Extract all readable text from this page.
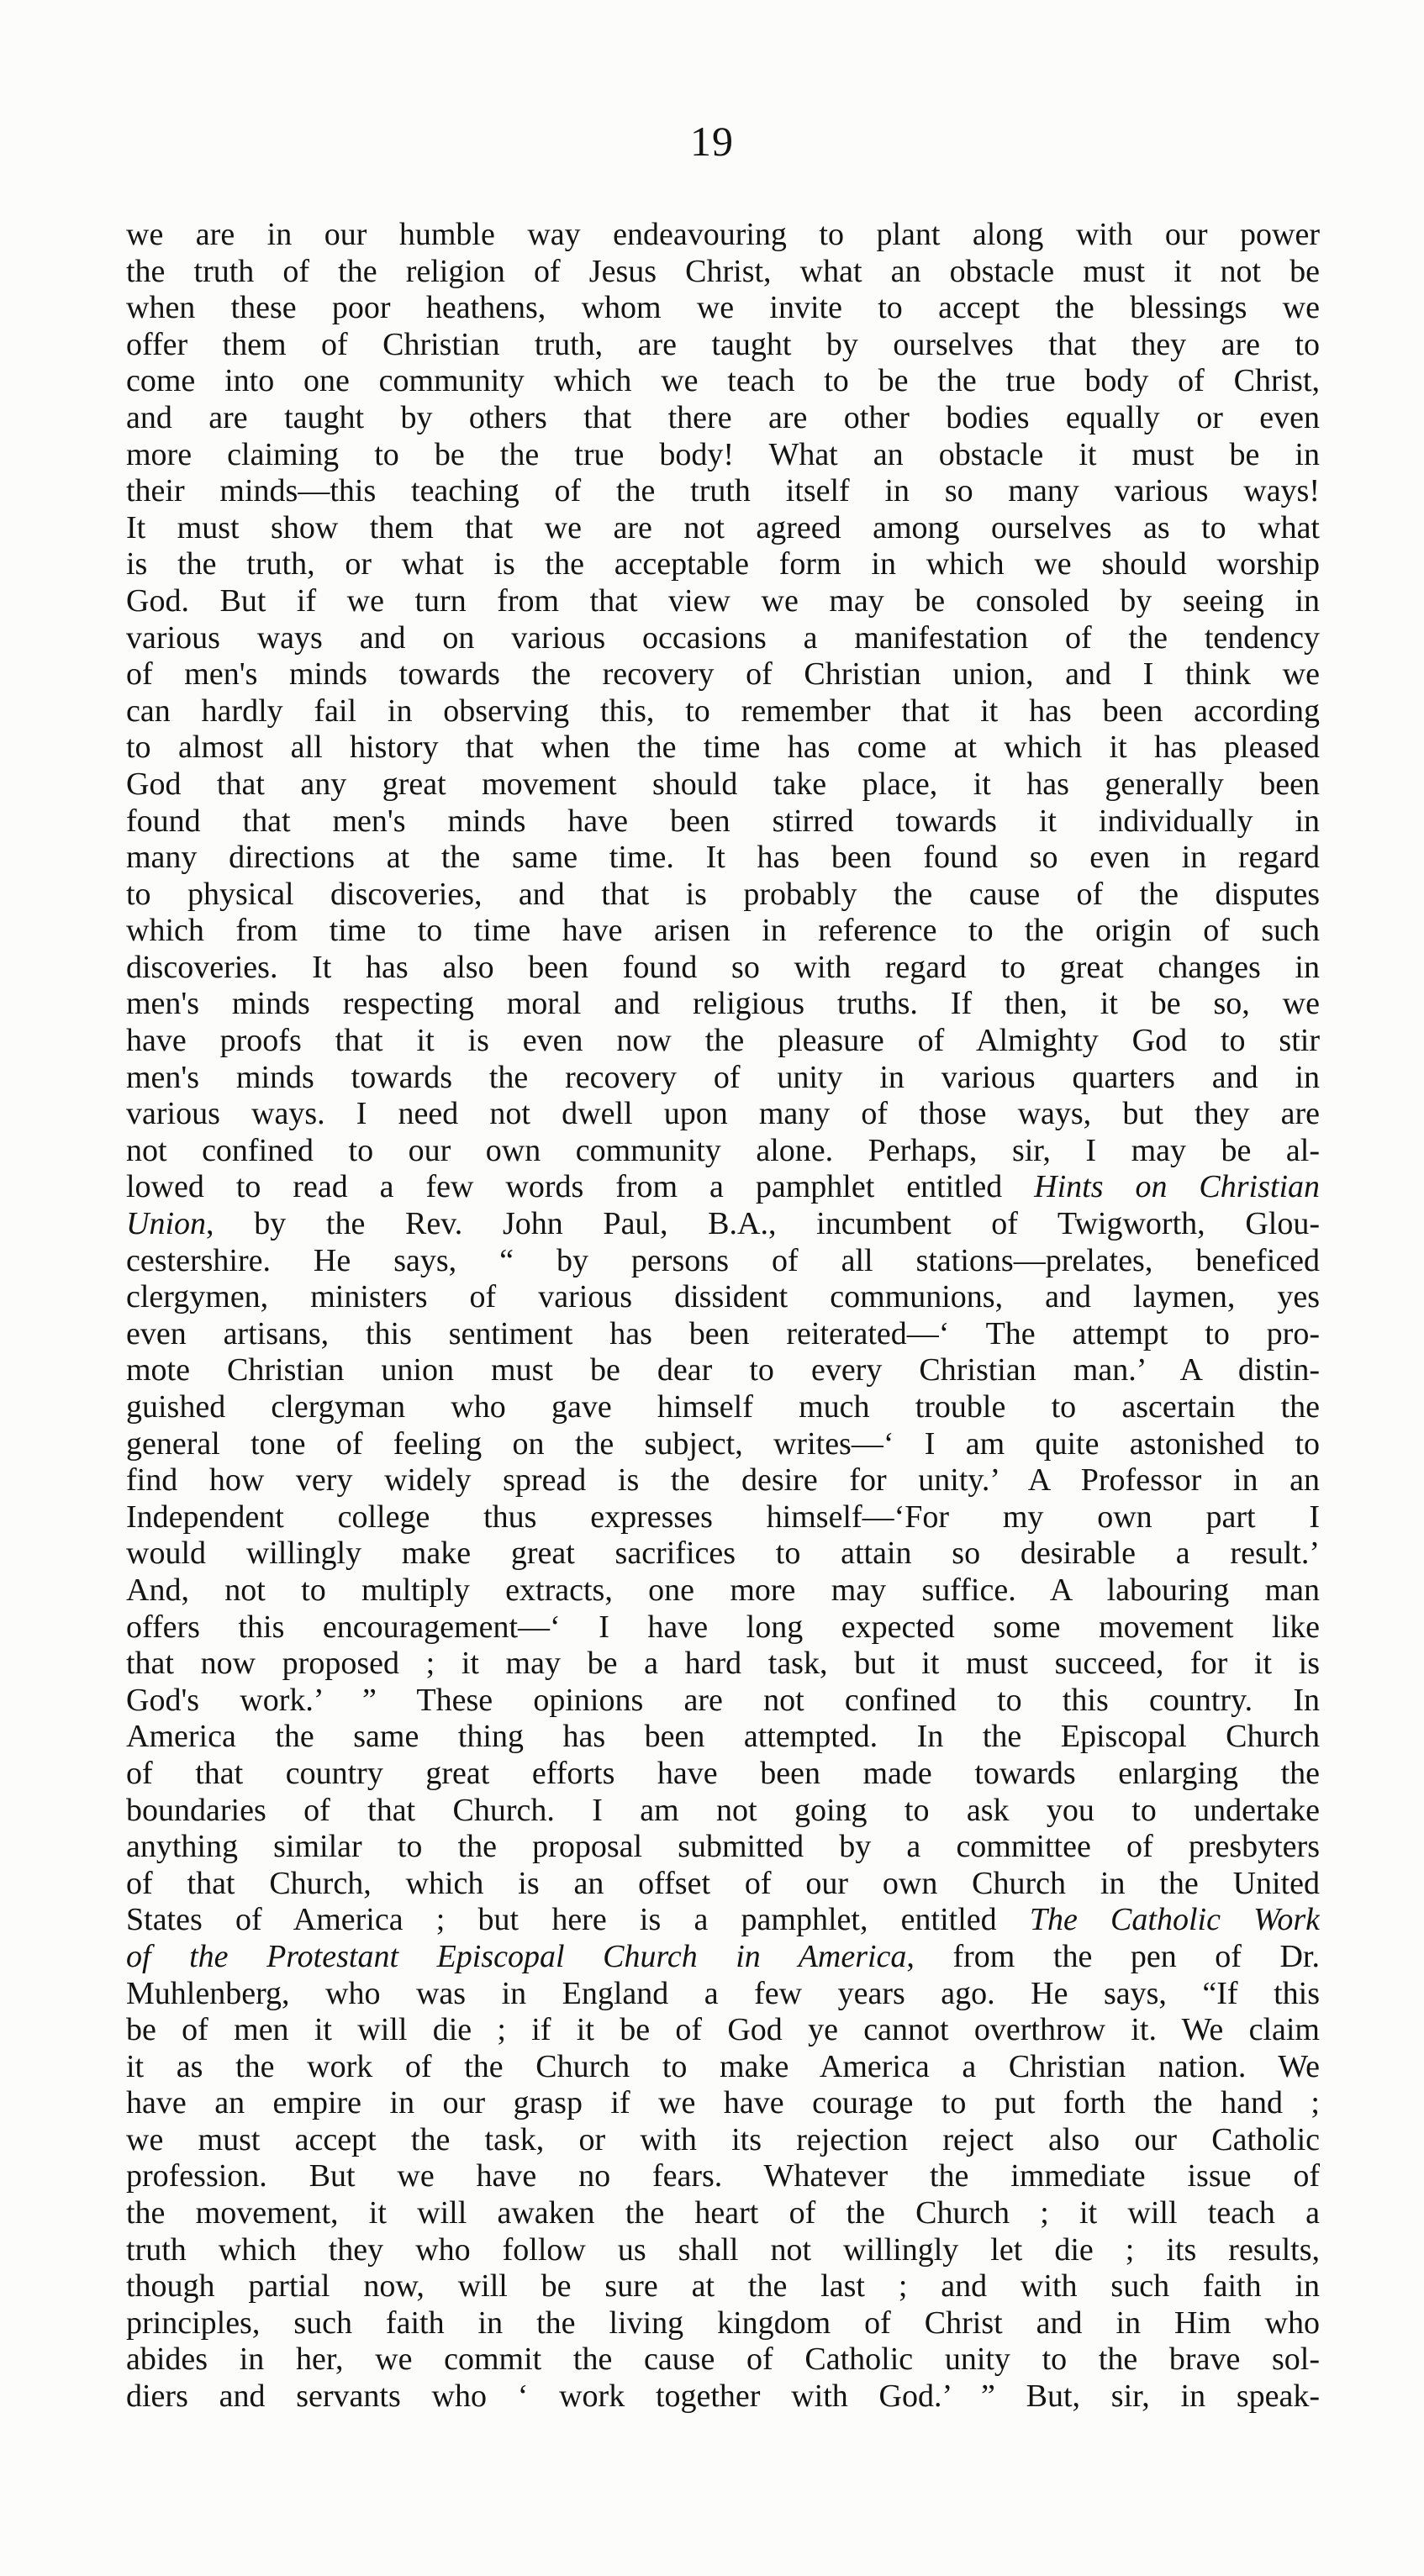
19
we are in our humble way endeavouring to plant along with our power
the truth of the religion of Jesus Christ, what an obstacle must it not be
when these poor heathens, whom we invite to accept the blessings we
offer them of Christian truth, are taught by ourselves that they are to
come into one community which we teach to be the true body of Christ,
and are taught by others that there are other bodies equally or even
more claiming to be the true body! What an obstacle it must be in
their minds—this teaching of the truth itself in so many various ways!
It must show them that we are not agreed among ourselves as to what
is the truth, or what is the acceptable form in which we should worship
God. But if we turn from that view we may be consoled by seeing in
various ways and on various occasions a manifestation of the tendency
of men's minds towards the recovery of Christian union, and I think we
can hardly fail in observing this, to remember that it has been according
to almost all history that when the time has come at which it has pleased
God that any great movement should take place, it has generally been
found that men's minds have been stirred towards it individually in
many directions at the same time. It has been found so even in regard
to physical discoveries, and that is probably the cause of the disputes
which from time to time have arisen in reference to the origin of such
discoveries. It has also been found so with regard to great changes in
men's minds respecting moral and religious truths. If then, it be so, we
have proofs that it is even now the pleasure of Almighty God to stir
men's minds towards the recovery of unity in various quarters and in
various ways. I need not dwell upon many of those ways, but they are
not confined to our own community alone. Perhaps, sir, I may be al-
lowed to read a few words from a pamphlet entitled Hints on Christian
Union, by the Rev. John Paul, B.A., incumbent of Twigworth, Glou-
cestershire. He says, “ by persons of all stations—prelates, beneficed
clergymen, ministers of various dissident communions, and laymen, yes
even artisans, this sentiment has been reiterated—‘ The attempt to pro-
mote Christian union must be dear to every Christian man.’ A distin-
guished clergyman who gave himself much trouble to ascertain the
general tone of feeling on the subject, writes—‘ I am quite astonished to
find how very widely spread is the desire for unity.’ A Professor in an
Independent college thus expresses himself—‘For my own part I
would willingly make great sacrifices to attain so desirable a result.’
And, not to multiply extracts, one more may suffice. A labouring man
offers this encouragement—‘ I have long expected some movement like
that now proposed ; it may be a hard task, but it must succeed, for it is
God's work.’ ” These opinions are not confined to this country. In
America the same thing has been attempted. In the Episcopal Church
of that country great efforts have been made towards enlarging the
boundaries of that Church. I am not going to ask you to undertake
anything similar to the proposal submitted by a committee of presbyters
of that Church, which is an offset of our own Church in the United
States of America ; but here is a pamphlet, entitled The Catholic Work
of the Protestant Episcopal Church in America, from the pen of Dr.
Muhlenberg, who was in England a few years ago. He says, “If this
be of men it will die ; if it be of God ye cannot overthrow it. We claim
it as the work of the Church to make America a Christian nation. We
have an empire in our grasp if we have courage to put forth the hand ;
we must accept the task, or with its rejection reject also our Catholic
profession. But we have no fears. Whatever the immediate issue of
the movement, it will awaken the heart of the Church ; it will teach a
truth which they who follow us shall not willingly let die ; its results,
though partial now, will be sure at the last ; and with such faith in
principles, such faith in the living kingdom of Christ and in Him who
abides in her, we commit the cause of Catholic unity to the brave sol-
diers and servants who ‘ work together with God.’ ” But, sir, in speak-
